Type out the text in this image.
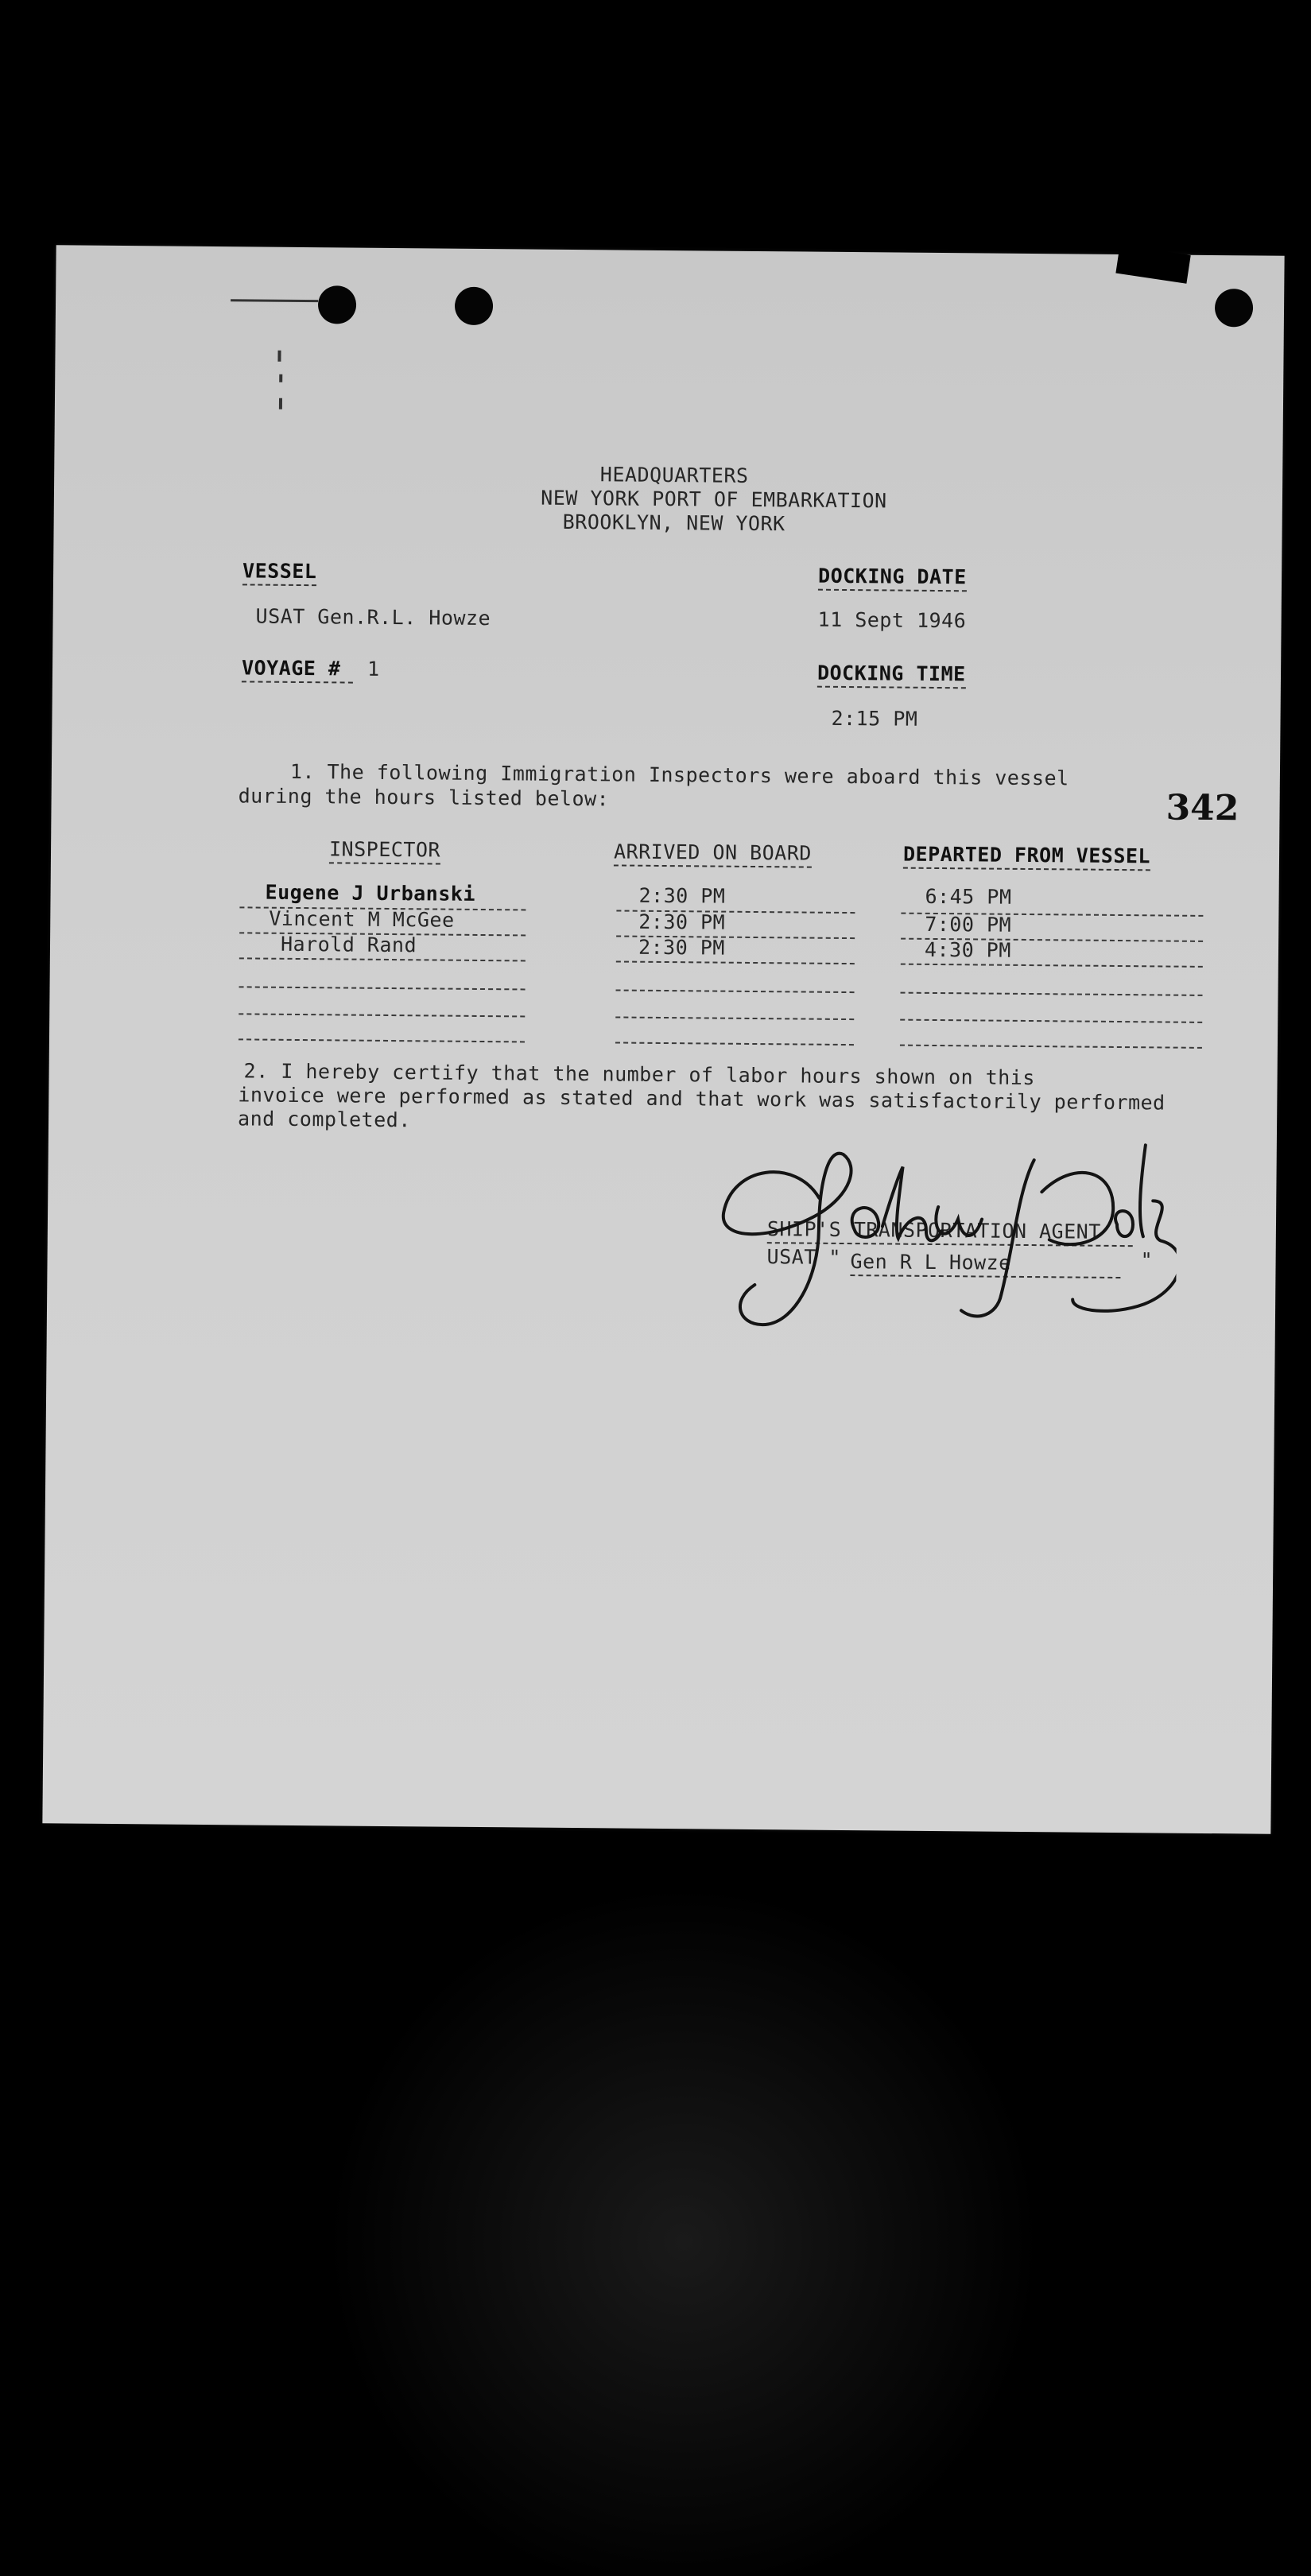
HEADQUARTERS
NEW YORK PORT OF EMBARKATION
BROOKLYN, NEW YORK
VESSEL
USAT Gen.R.L. Howze
VOYAGE #	1
DOCKING DATE
11 Sept 1946
DOCKING TIME
2:15 PM
1. The following Immigration Inspectors were aboard this vessel
during the hours listed below:	342
INSPECTOR	ARRIVED ON BOARD	DEPARTED FROM VESSEL
Eugene J Urbanski	2:30 PM	6:45 PM
Vincent M McGee	2:30 PM	7:00 PM
Harold Rand	2:30 PM	4:30 PM
2. I hereby certify that the number of labor hours shown on this
invoice were performed as stated and that work was satisfactorily performed
and completed.
SHIP'S TRANSPORTATION AGENT
USAT " Gen R L Howze	"
